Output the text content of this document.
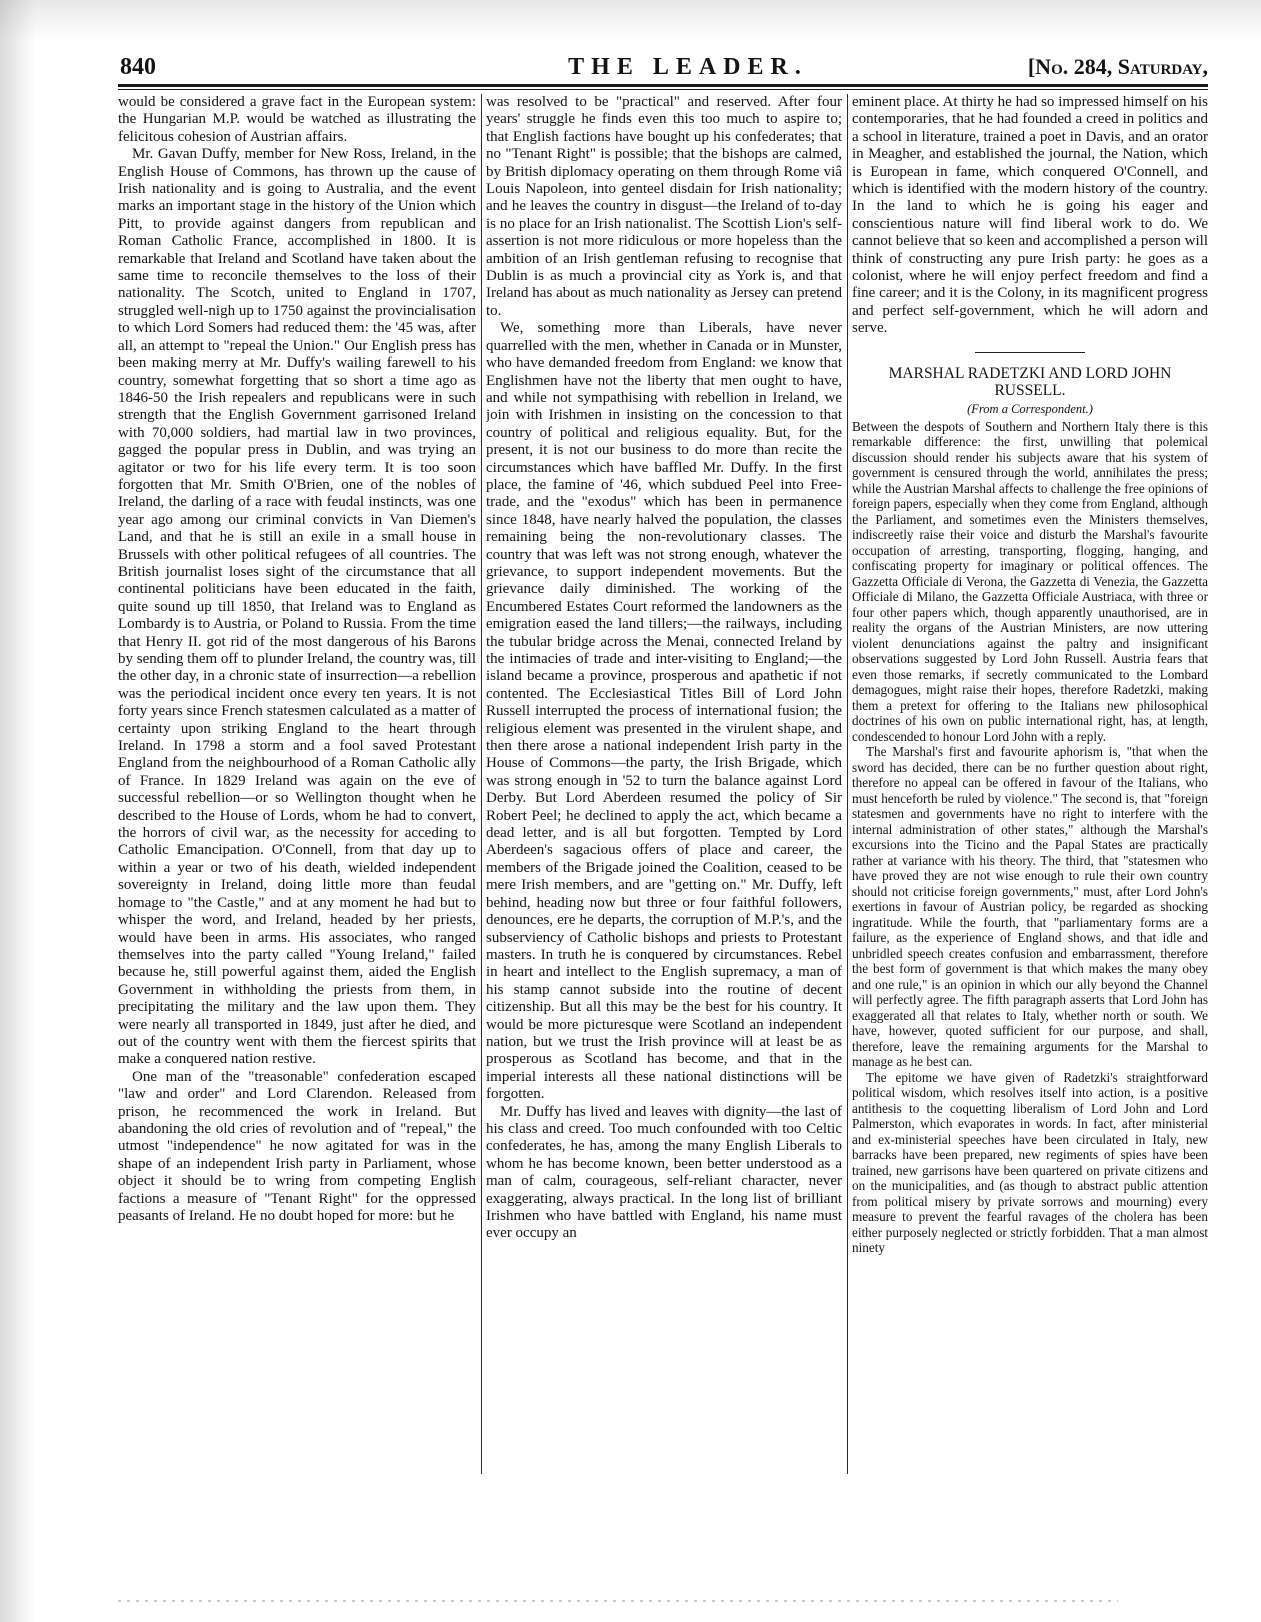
840	THE LEADER.	[No. 284, Saturday,

would be considered a grave fact in the European system: the Hungarian M.P. would be watched as illustrating the felicitous cohesion of Austrian affairs.

Mr. Gavan Duffy, member for New Ross, Ireland, in the English House of Commons, has thrown up the cause of Irish nationality and is going to Australia, and the event marks an important stage in the history of the Union which Pitt, to provide against dangers from republican and Roman Catholic France, accomplished in 1800. It is remarkable that Ireland and Scotland have taken about the same time to reconcile themselves to the loss of their nationality. The Scotch, united to England in 1707, struggled well-nigh up to 1750 against the provincialisation to which Lord Somers had reduced them: the '45 was, after all, an attempt to "repeal the Union." Our English press has been making merry at Mr. Duffy's wailing farewell to his country, somewhat forgetting that so short a time ago as 1846-50 the Irish repealers and republicans were in such strength that the English Government garrisoned Ireland with 70,000 soldiers, had martial law in two provinces, gagged the popular press in Dublin, and was trying an agitator or two for his life every term. It is too soon forgotten that Mr. Smith O'Brien, one of the nobles of Ireland, the darling of a race with feudal instincts, was one year ago among our criminal convicts in Van Diemen's Land, and that he is still an exile in a small house in Brussels with other political refugees of all countries. The British journalist loses sight of the circumstance that all continental politicians have been educated in the faith, quite sound up till 1850, that Ireland was to England as Lombardy is to Austria, or Poland to Russia. From the time that Henry II. got rid of the most dangerous of his Barons by sending them off to plunder Ireland, the country was, till the other day, in a chronic state of insurrection—a rebellion was the periodical incident once every ten years. It is not forty years since French statesmen calculated as a matter of certainty upon striking England to the heart through Ireland. In 1798 a storm and a fool saved Protestant England from the neighbourhood of a Roman Catholic ally of France. In 1829 Ireland was again on the eve of successful rebellion—or so Wellington thought when he described to the House of Lords, whom he had to convert, the horrors of civil war, as the necessity for acceding to Catholic Emancipation. O'Connell, from that day up to within a year or two of his death, wielded independent sovereignty in Ireland, doing little more than feudal homage to "the Castle," and at any moment he had but to whisper the word, and Ireland, headed by her priests, would have been in arms. His associates, who ranged themselves into the party called "Young Ireland," failed because he, still powerful against them, aided the English Government in withholding the priests from them, in precipitating the military and the law upon them. They were nearly all transported in 1849, just after he died, and out of the country went with them the fiercest spirits that make a conquered nation restive.

One man of the "treasonable" confederation escaped "law and order" and Lord Clarendon. Released from prison, he recommenced the work in Ireland. But abandoning the old cries of revolution and of "repeal," the utmost "independence" he now agitated for was in the shape of an independent Irish party in Parliament, whose object it should be to wring from competing English factions a measure of "Tenant Right" for the oppressed peasants of Ireland. He no doubt hoped for more: but he

was resolved to be "practical" and reserved. After four years' struggle he finds even this too much to aspire to; that English factions have bought up his confederates; that no "Tenant Right" is possible; that the bishops are calmed, by British diplomacy operating on them through Rome viâ Louis Napoleon, into genteel disdain for Irish nationality; and he leaves the country in disgust—the Ireland of to-day is no place for an Irish nationalist. The Scottish Lion's self-assertion is not more ridiculous or more hopeless than the ambition of an Irish gentleman refusing to recognise that Dublin is as much a provincial city as York is, and that Ireland has about as much nationality as Jersey can pretend to.

We, something more than Liberals, have never quarrelled with the men, whether in Canada or in Munster, who have demanded freedom from England: we know that Englishmen have not the liberty that men ought to have, and while not sympathising with rebellion in Ireland, we join with Irishmen in insisting on the concession to that country of political and religious equality. But, for the present, it is not our business to do more than recite the circumstances which have baffled Mr. Duffy. In the first place, the famine of '46, which subdued Peel into Free-trade, and the "exodus" which has been in permanence since 1848, have nearly halved the population, the classes remaining being the non-revolutionary classes. The country that was left was not strong enough, whatever the grievance, to support independent movements. But the grievance daily diminished. The working of the Encumbered Estates Court reformed the landowners as the emigration eased the land tillers;—the railways, including the tubular bridge across the Menai, connected Ireland by the intimacies of trade and inter-visiting to England;—the island became a province, prosperous and apathetic if not contented. The Ecclesiastical Titles Bill of Lord John Russell interrupted the process of international fusion; the religious element was presented in the virulent shape, and then there arose a national independent Irish party in the House of Commons—the party, the Irish Brigade, which was strong enough in '52 to turn the balance against Lord Derby. But Lord Aberdeen resumed the policy of Sir Robert Peel; he declined to apply the act, which became a dead letter, and is all but forgotten. Tempted by Lord Aberdeen's sagacious offers of place and career, the members of the Brigade joined the Coalition, ceased to be mere Irish members, and are "getting on." Mr. Duffy, left behind, heading now but three or four faithful followers, denounces, ere he departs, the corruption of M.P.'s, and the subserviency of Catholic bishops and priests to Protestant masters. In truth he is conquered by circumstances. Rebel in heart and intellect to the English supremacy, a man of his stamp cannot subside into the routine of decent citizenship. But all this may be the best for his country. It would be more picturesque were Scotland an independent nation, but we trust the Irish province will at least be as prosperous as Scotland has become, and that in the imperial interests all these national distinctions will be forgotten.

Mr. Duffy has lived and leaves with dignity—the last of his class and creed. Too much confounded with too Celtic confederates, he has, among the many English Liberals to whom he has become known, been better understood as a man of calm, courageous, self-reliant character, never exaggerating, always practical. In the long list of brilliant Irishmen who have battled with England, his name must ever occupy an

eminent place. At thirty he had so impressed himself on his contemporaries, that he had founded a creed in politics and a school in literature, trained a poet in Davis, and an orator in Meagher, and established the journal, the Nation, which is European in fame, which conquered O'Connell, and which is identified with the modern history of the country. In the land to which he is going his eager and conscientious nature will find liberal work to do. We cannot believe that so keen and accomplished a person will think of constructing any pure Irish party: he goes as a colonist, where he will enjoy perfect freedom and find a fine career; and it is the Colony, in its magnificent progress and perfect self-government, which he will adorn and serve.

MARSHAL RADETZKI AND LORD JOHN RUSSELL.
(From a Correspondent.)

Between the despots of Southern and Northern Italy there is this remarkable difference: the first, unwilling that polemical discussion should render his subjects aware that his system of government is censured through the world, annihilates the press; while the Austrian Marshal affects to challenge the free opinions of foreign papers, especially when they come from England, although the Parliament, and sometimes even the Ministers themselves, indiscreetly raise their voice and disturb the Marshal's favourite occupation of arresting, transporting, flogging, hanging, and confiscating property for imaginary or political offences. The Gazzetta Officiale di Verona, the Gazzetta di Venezia, the Gazzetta Officiale di Milano, the Gazzetta Officiale Austriaca, with three or four other papers which, though apparently unauthorised, are in reality the organs of the Austrian Ministers, are now uttering violent denunciations against the paltry and insignificant observations suggested by Lord John Russell. Austria fears that even those remarks, if secretly communicated to the Lombard demagogues, might raise their hopes, therefore Radetzki, making them a pretext for offering to the Italians new philosophical doctrines of his own on public international right, has, at length, condescended to honour Lord John with a reply.

The Marshal's first and favourite aphorism is, "that when the sword has decided, there can be no further question about right, therefore no appeal can be offered in favour of the Italians, who must henceforth be ruled by violence." The second is, that "foreign statesmen and governments have no right to interfere with the internal administration of other states," although the Marshal's excursions into the Ticino and the Papal States are practically rather at variance with his theory. The third, that "statesmen who have proved they are not wise enough to rule their own country should not criticise foreign governments," must, after Lord John's exertions in favour of Austrian policy, be regarded as shocking ingratitude. While the fourth, that "parliamentary forms are a failure, as the experience of England shows, and that idle and unbridled speech creates confusion and embarrassment, therefore the best form of government is that which makes the many obey and one rule," is an opinion in which our ally beyond the Channel will perfectly agree. The fifth paragraph asserts that Lord John has exaggerated all that relates to Italy, whether north or south. We have, however, quoted sufficient for our purpose, and shall, therefore, leave the remaining arguments for the Marshal to manage as he best can.

The epitome we have given of Radetzki's straightforward political wisdom, which resolves itself into action, is a positive antithesis to the coquetting liberalism of Lord John and Lord Palmerston, which evaporates in words. In fact, after ministerial and ex-ministerial speeches have been circulated in Italy, new barracks have been prepared, new regiments of spies have been trained, new garrisons have been quartered on private citizens and on the municipalities, and (as though to abstract public attention from political misery by private sorrows and mourning) every measure to prevent the fearful ravages of the cholera has been either purposely neglected or strictly forbidden. That a man almost ninety
